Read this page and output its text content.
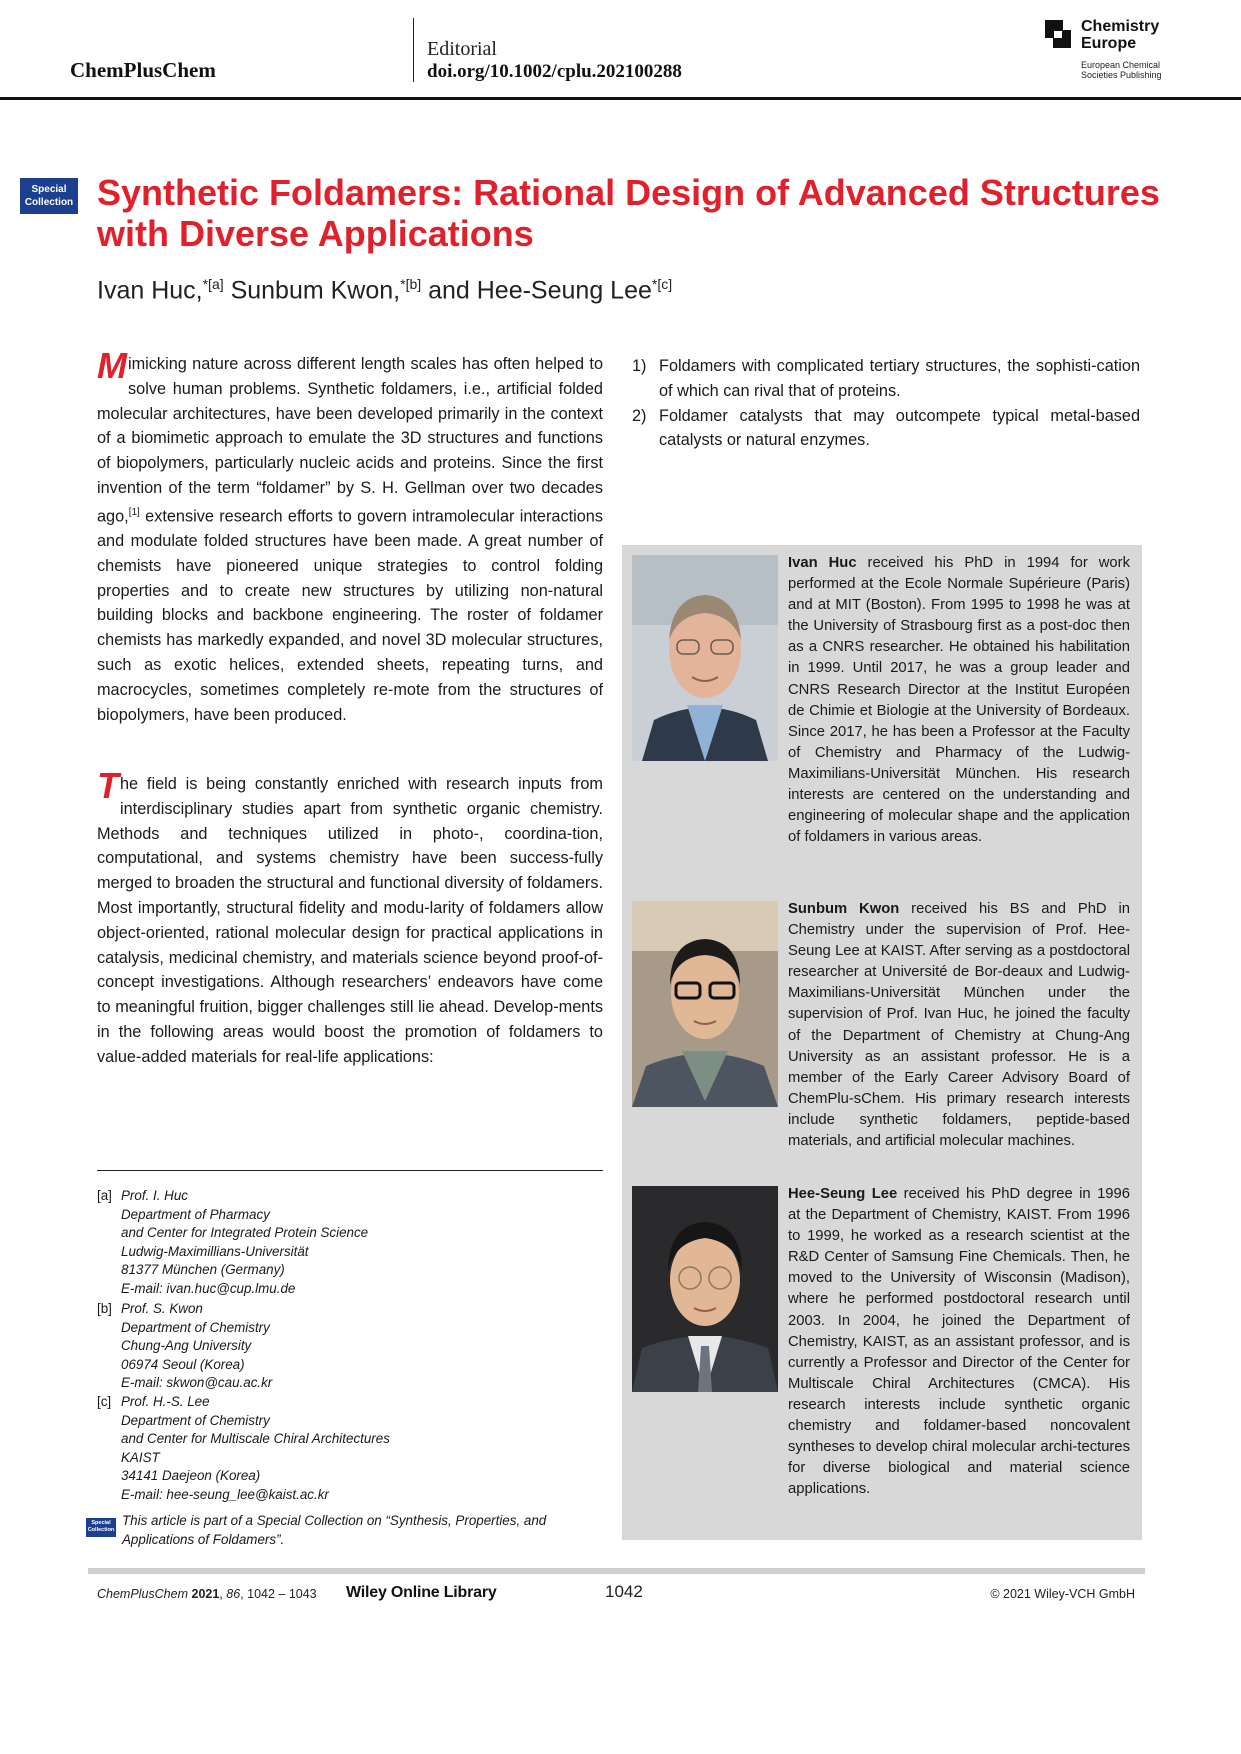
ChemPlusChem
Editorial
doi.org/10.1002/cplu.202100288
Chemistry Europe
European Chemical Societies Publishing
Special
Collection Synthetic Foldamers: Rational Design of Advanced Structures with Diverse Applications
Ivan Huc,$^{*[a]}$ Sunbum Kwon,$^{*[b]}$ and Hee-Seung Lee$^{*[c]}$
Mimicking nature across different length scales has often helped to solve human problems. Synthetic foldamers, i.e., artificial folded molecular architectures, have been developed primarily in the context of a biomimetic approach to emulate the 3D structures and functions of biopolymers, particularly nucleic acids and proteins. Since the first invention of the term “foldamer” by S. H. Gellman over two decades ago,[1] extensive research efforts to govern intramolecular interactions and modulate folded structures have been made. A great number of chemists have pioneered unique strategies to control folding properties and to create new structures by utilizing non-natural building blocks and backbone engineering. The roster of foldamer chemists has markedly expanded, and novel 3D molecular structures, such as exotic helices, extended sheets, repeating turns, and macrocycles, sometimes completely re-mote from the structures of biopolymers, have been produced.
The field is being constantly enriched with research inputs from interdisciplinary studies apart from synthetic organic chemistry. Methods and techniques utilized in photo-, coordina-tion, computational, and systems chemistry have been success-fully merged to broaden the structural and functional diversity of foldamers. Most importantly, structural fidelity and modu-larity of foldamers allow object-oriented, rational molecular design for practical applications in catalysis, medicinal chemistry, and materials science beyond proof-of-concept investigations. Although researchers’ endeavors have come to meaningful fruition, bigger challenges still lie ahead. Develop-ments in the following areas would boost the promotion of foldamers to value-added materials for real-life applications:
1) Foldamers with complicated tertiary structures, the sophisti-cation of which can rival that of proteins.
2) Foldamer catalysts that may outcompete typical metal-based catalysts or natural enzymes.
[a] Prof. I. Huc
Department of Pharmacy
and Center for Integrated Protein Science
Ludwig-Maximillians-Universität
81377 München (Germany)
E-mail: ivan.huc@cup.lmu.de
[b] Prof. S. Kwon
Department of Chemistry
Chung-Ang University
06974 Seoul (Korea)
E-mail: skwon@cau.ac.kr
[c] Prof. H.-S. Lee
Department of Chemistry
and Center for Multiscale Chiral Architectures
KAIST
34141 Daejeon (Korea)
E-mail: hee-seung_lee@kaist.ac.kr
Special
Collection
This article is part of a Special Collection on “Synthesis, Properties, and Applications of Foldamers”.
Ivan Huc received his PhD in 1994 for work performed at the Ecole Normale Supérieure (Paris) and at MIT (Boston). From 1995 to 1998 he was at the University of Strasbourg first as a post-doc then as a CNRS researcher. He obtained his habilitation in 1999. Until 2017, he was a group leader and CNRS Research Director at the Institut Européen de Chimie et Biologie at the University of Bordeaux. Since 2017, he has been a Professor at the Faculty of Chemistry and Pharmacy of the Ludwig-Maximilians-Universität München. His research interests are centered on the understanding and engineering of molecular shape and the application of foldamers in various areas.
Sunbum Kwon received his BS and PhD in Chemistry under the supervision of Prof. Hee-Seung Lee at KAIST. After serving as a postdoctoral researcher at Université de Bor-deaux and Ludwig-Maximilians-Universität München under the supervision of Prof. Ivan Huc, he joined the faculty of the Department of Chemistry at Chung-Ang University as an assistant professor. He is a member of the Early Career Advisory Board of ChemPlu-sChem. His primary research interests include synthetic foldamers, peptide-based materials, and artificial molecular machines.
Hee-Seung Lee received his PhD degree in 1996 at the Department of Chemistry, KAIST. From 1996 to 1999, he worked as a research scientist at the R&D Center of Samsung Fine Chemicals. Then, he moved to the University of Wisconsin (Madison), where he performed postdoctoral research until 2003. In 2004, he joined the Department of Chemistry, KAIST, as an assistant professor, and is currently a Professor and Director of the Center for Multiscale Chiral Architectures (CMCA). His research interests include synthetic organic chemistry and foldamer-based noncovalent syntheses to develop chiral molecular archi-tectures for diverse biological and material science applications.
ChemPlusChem 2021, 86, 1042 – 1043 Wiley Online Library	1042	© 2021 Wiley-VCH GmbH
